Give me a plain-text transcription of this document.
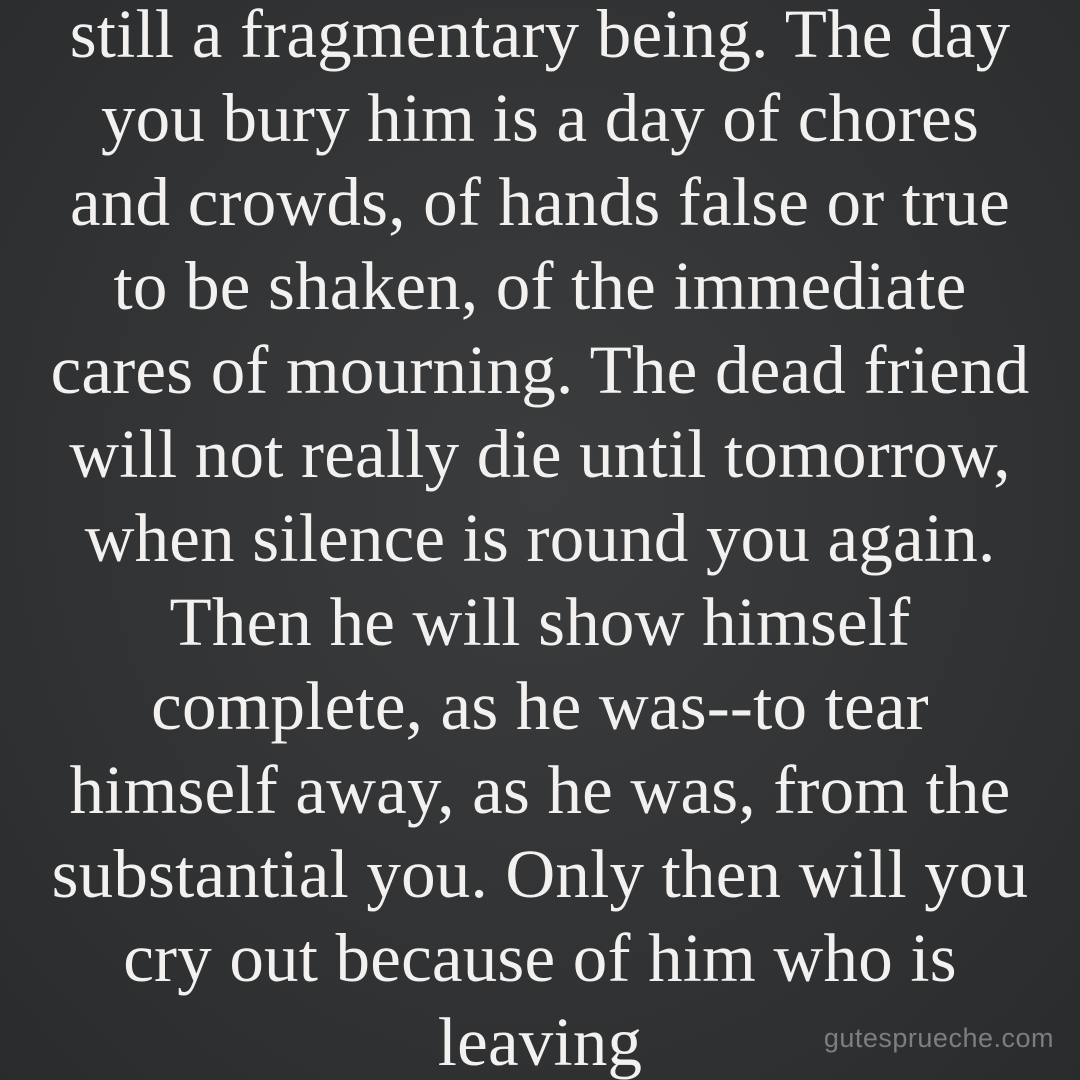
still a fragmentary being. The day you bury him is a day of chores and crowds, of hands false or true to be shaken, of the immediate cares of mourning. The dead friend will not really die until tomorrow, when silence is round you again. Then he will show himself complete, as he was--to tear himself away, as he was, from the substantial you. Only then will you cry out because of him who is leaving	gutesprueche.com
